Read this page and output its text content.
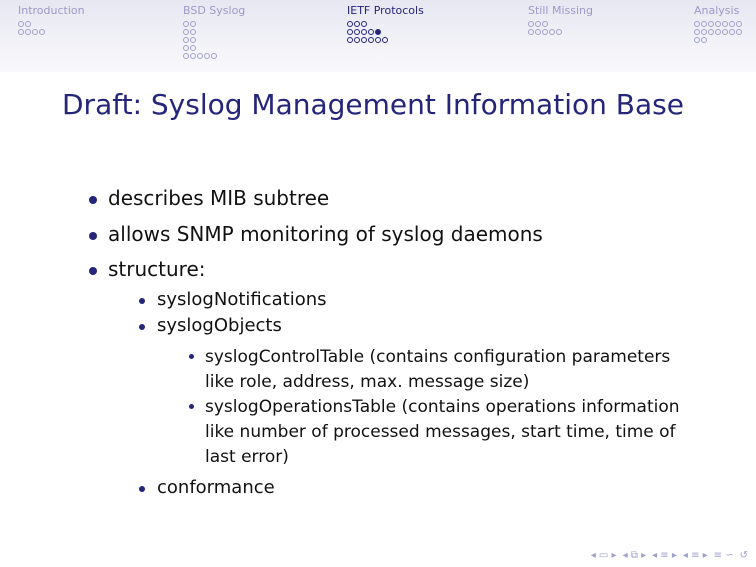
Introduction	BSD Syslog	IETF Protocols	Still Missing	Analysis
Draft: Syslog Management Information Base
describes MIB subtree
allows SNMP monitoring of syslog daemons
structure:
syslogNotifications
syslogObjects
syslogControlTable (contains configuration parameters
like role, address, max. message size)
syslogOperationsTable (contains operations information
like number of processed messages, start time, time of
last error)
conformance
◂ ▭ ▸ ◂ ⧉ ▸ ◂ ≡ ▸ ◂ ≡ ▸ ≡ ∽ ↺
